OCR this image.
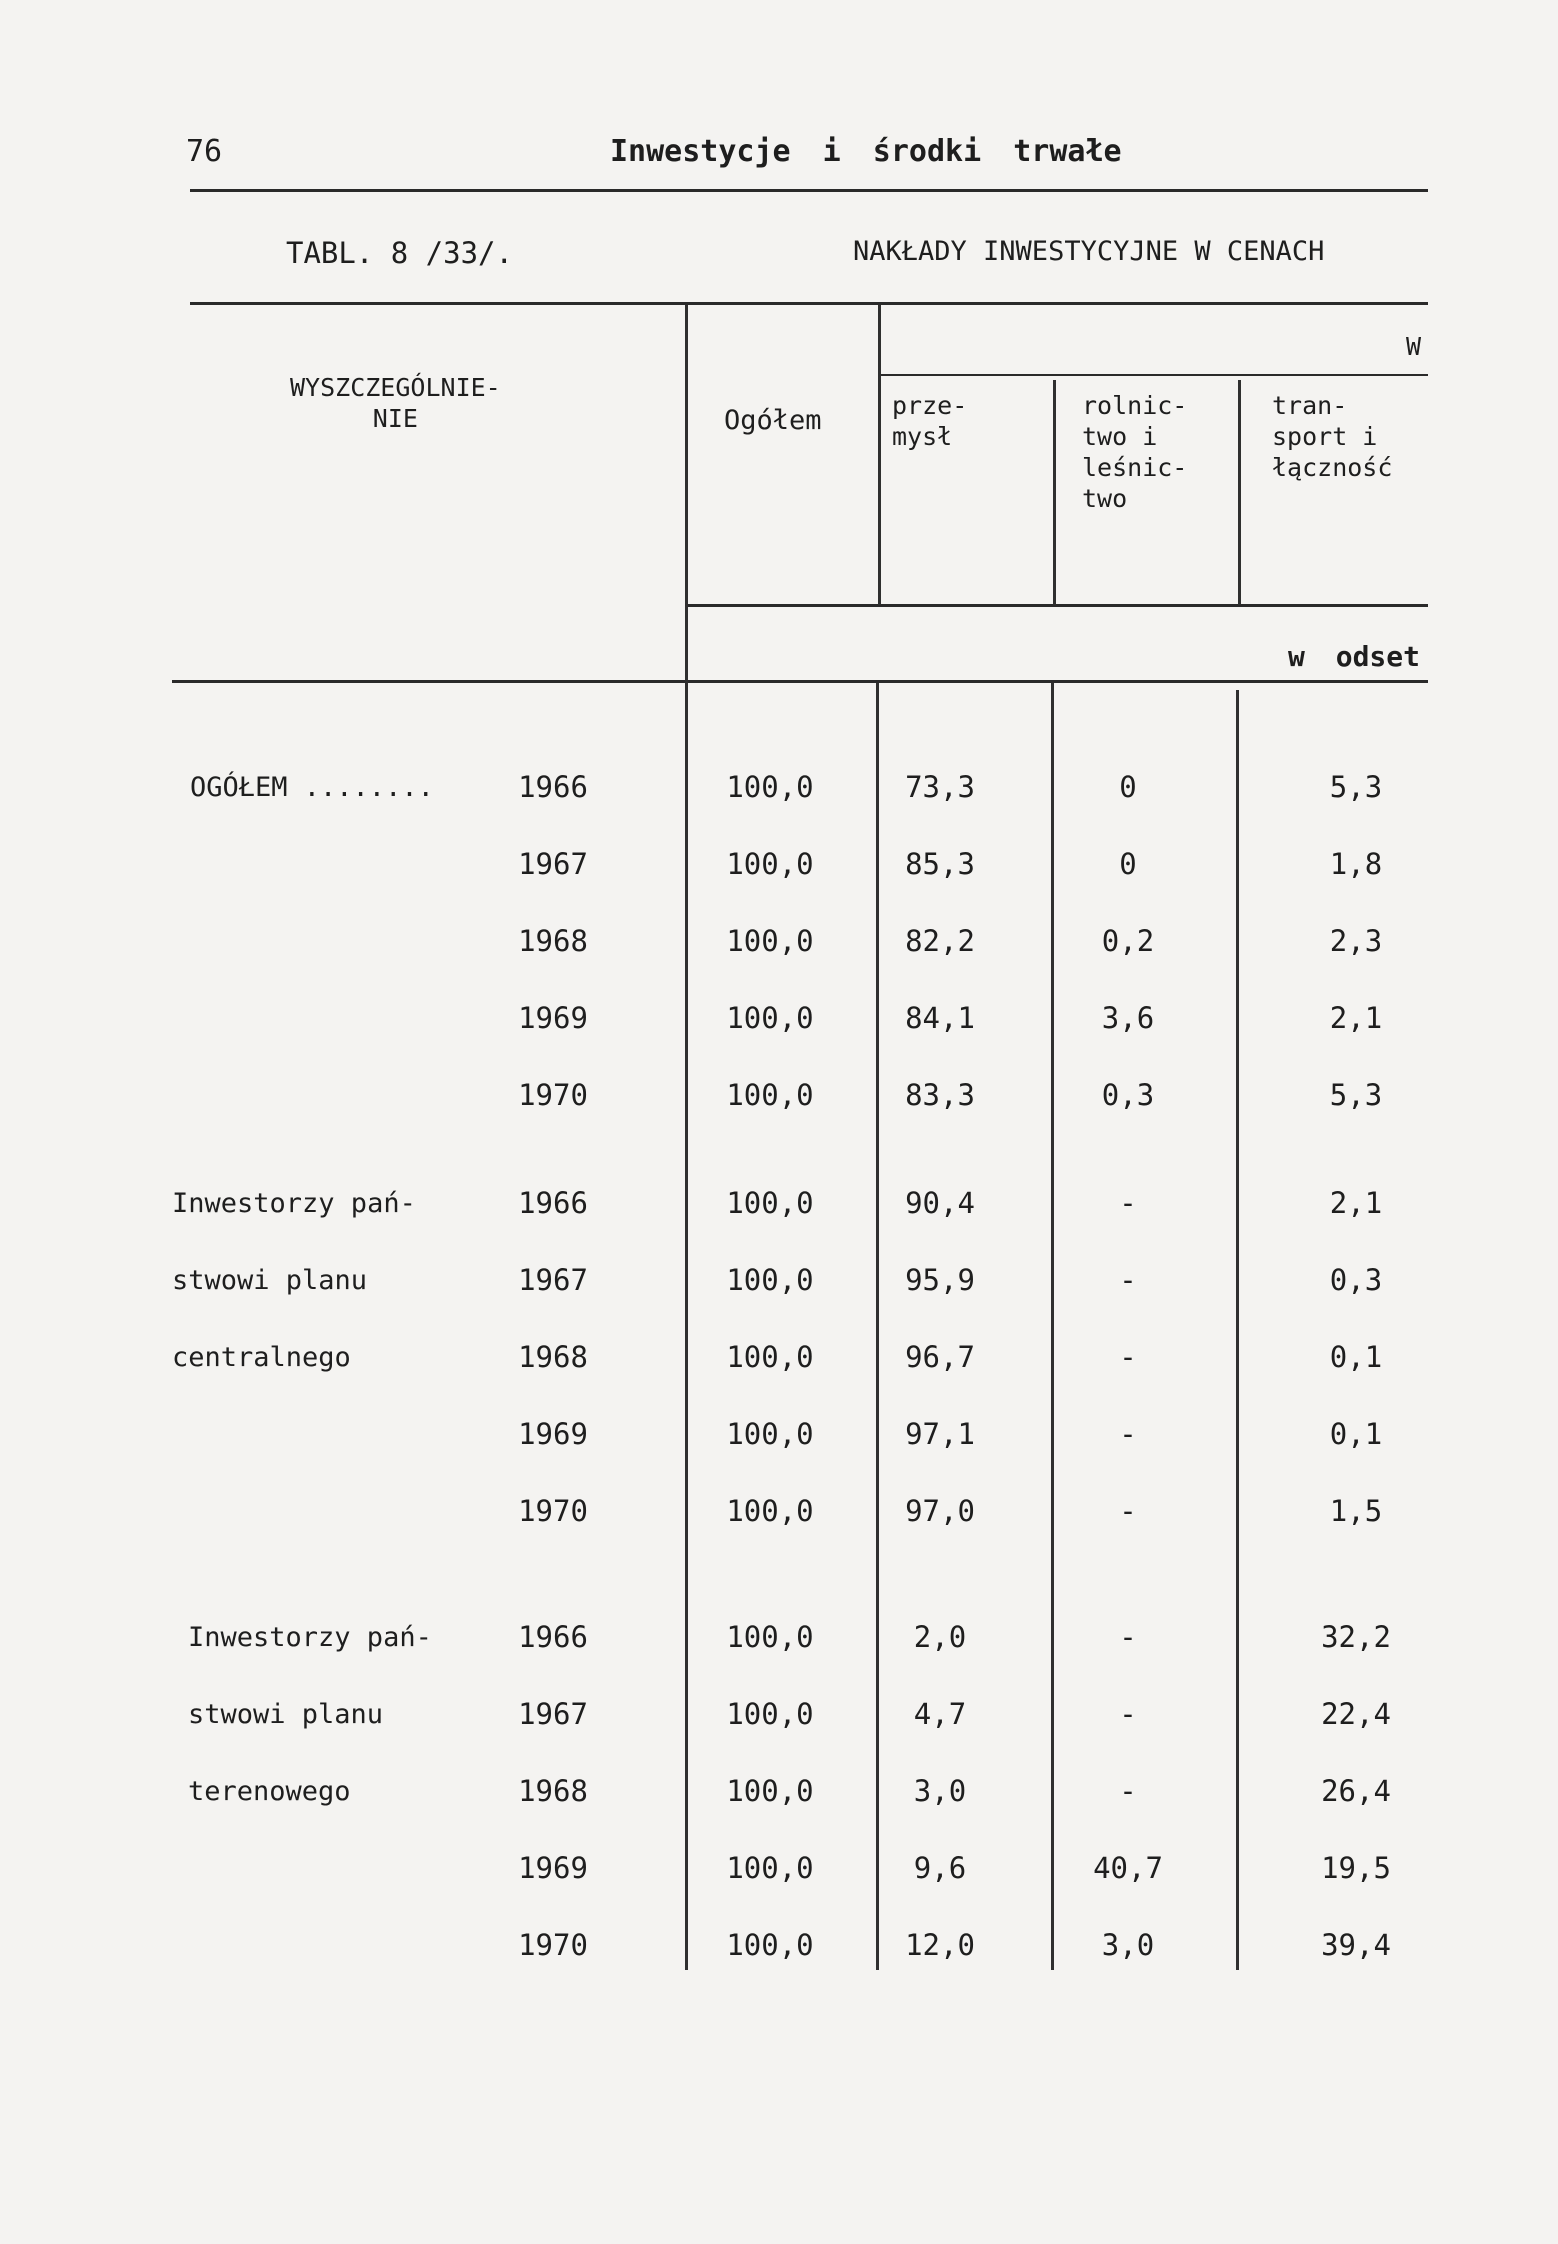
76	Inwestycje i środki trwałe
TABL. 8 /33/.	NAKŁADY INWESTYCYJNE W CENACH
WYSZCZEGÓLNIE-
NIE	Ogółem
W
prze-
mysł
rolnic-
two i
leśnic-
two
tran-
sport i
łączność
w odset
OGÓŁEM ........	1966	100,0	73,3	0	5,3
1967	100,0	85,3	0	1,8
1968	100,0	82,2	0,2	2,3
1969	100,0	84,1	3,6	2,1
1970	100,0	83,3	0,3	5,3
Inwestorzy pań-
stwowi planu
centralnego
1966	100,0	90,4	-	2,1
1967	100,0	95,9	-	0,3
1968	100,0	96,7	-	0,1
1969	100,0	97,1	-	0,1
1970	100,0	97,0	-	1,5
Inwestorzy pań-
stwowi planu
terenowego
1966	100,0	2,0	-	32,2
1967	100,0	4,7	-	22,4
1968	100,0	3,0	-	26,4
1969	100,0	9,6	40,7	19,5
1970	100,0	12,0	3,0	39,4
